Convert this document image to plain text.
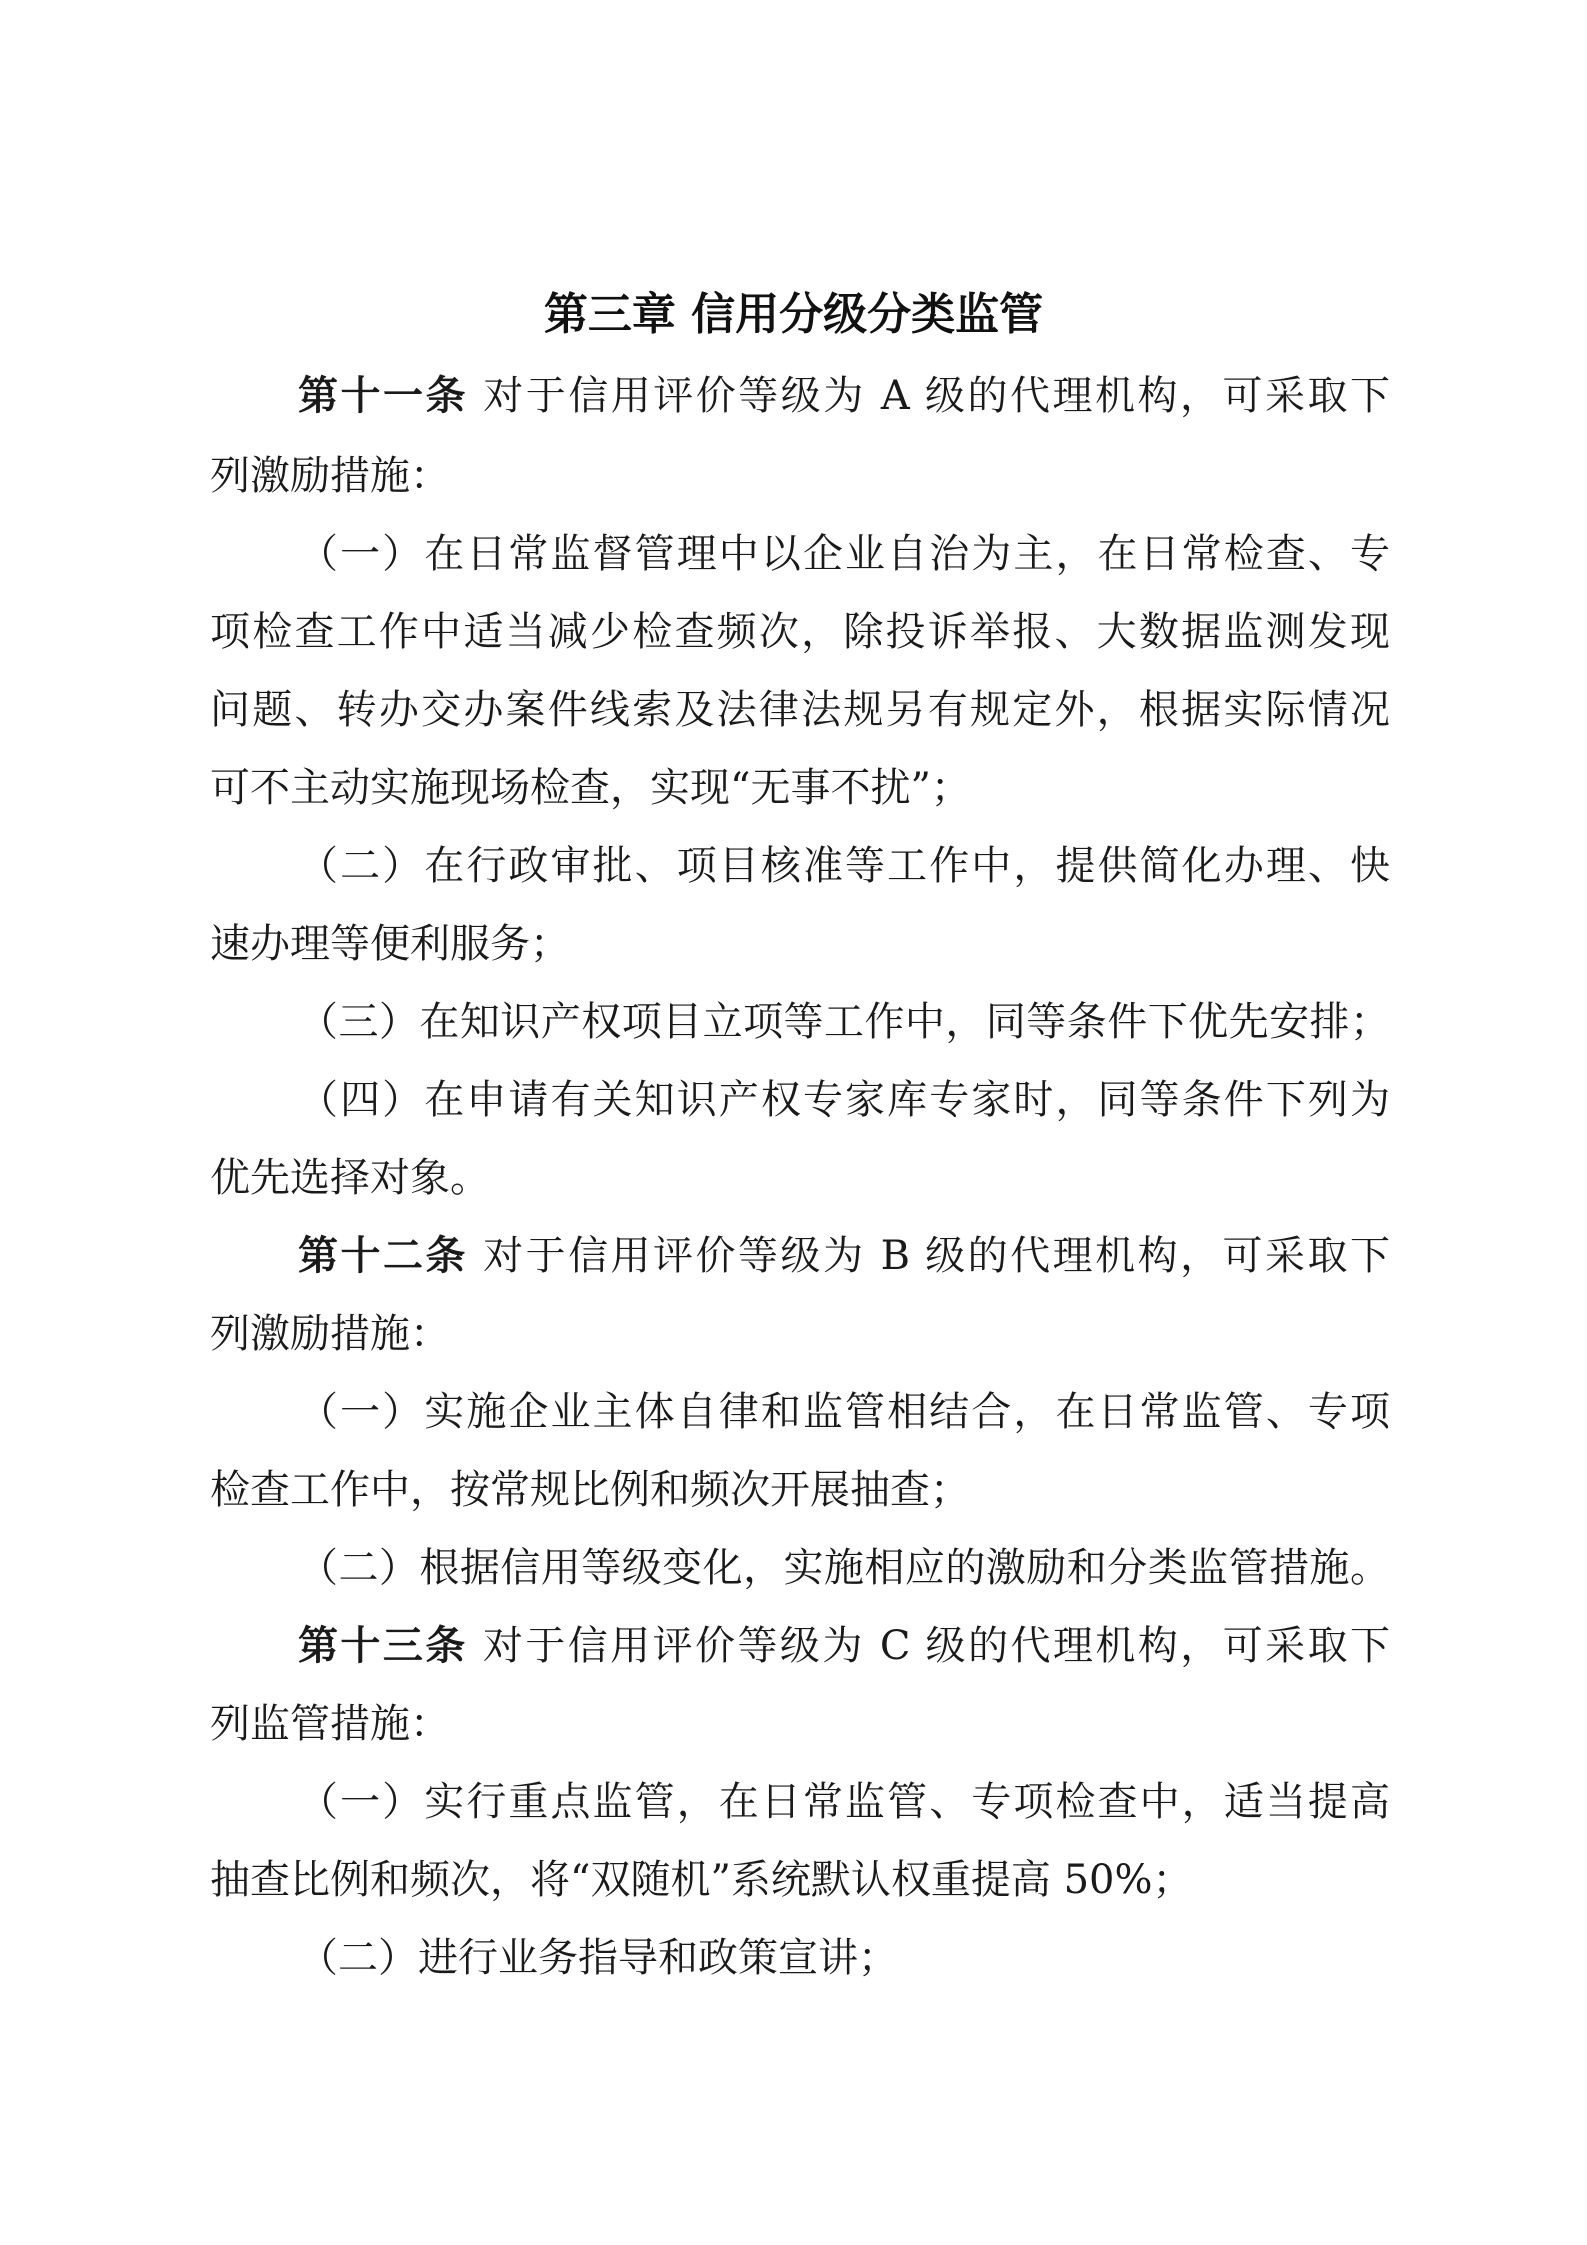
第三章 信用分级分类监管
第十一条 对于信用评价等级为 A 级的代理机构，可采取下
列激励措施：
（一）在日常监督管理中以企业自治为主，在日常检查、专
项检查工作中适当减少检查频次，除投诉举报、大数据监测发现
问题、转办交办案件线索及法律法规另有规定外，根据实际情况
可不主动实施现场检查，实现“无事不扰”；
（二）在行政审批、项目核准等工作中，提供简化办理、快
速办理等便利服务；
（三）在知识产权项目立项等工作中，同等条件下优先安排；
（四）在申请有关知识产权专家库专家时，同等条件下列为
优先选择对象。
第十二条 对于信用评价等级为 B 级的代理机构，可采取下
列激励措施：
（一）实施企业主体自律和监管相结合，在日常监管、专项
检查工作中，按常规比例和频次开展抽查；
（二）根据信用等级变化，实施相应的激励和分类监管措施。
第十三条 对于信用评价等级为 C 级的代理机构，可采取下
列监管措施：
（一）实行重点监管，在日常监管、专项检查中，适当提高
抽查比例和频次，将“双随机”系统默认权重提高 50%；
（二）进行业务指导和政策宣讲；
